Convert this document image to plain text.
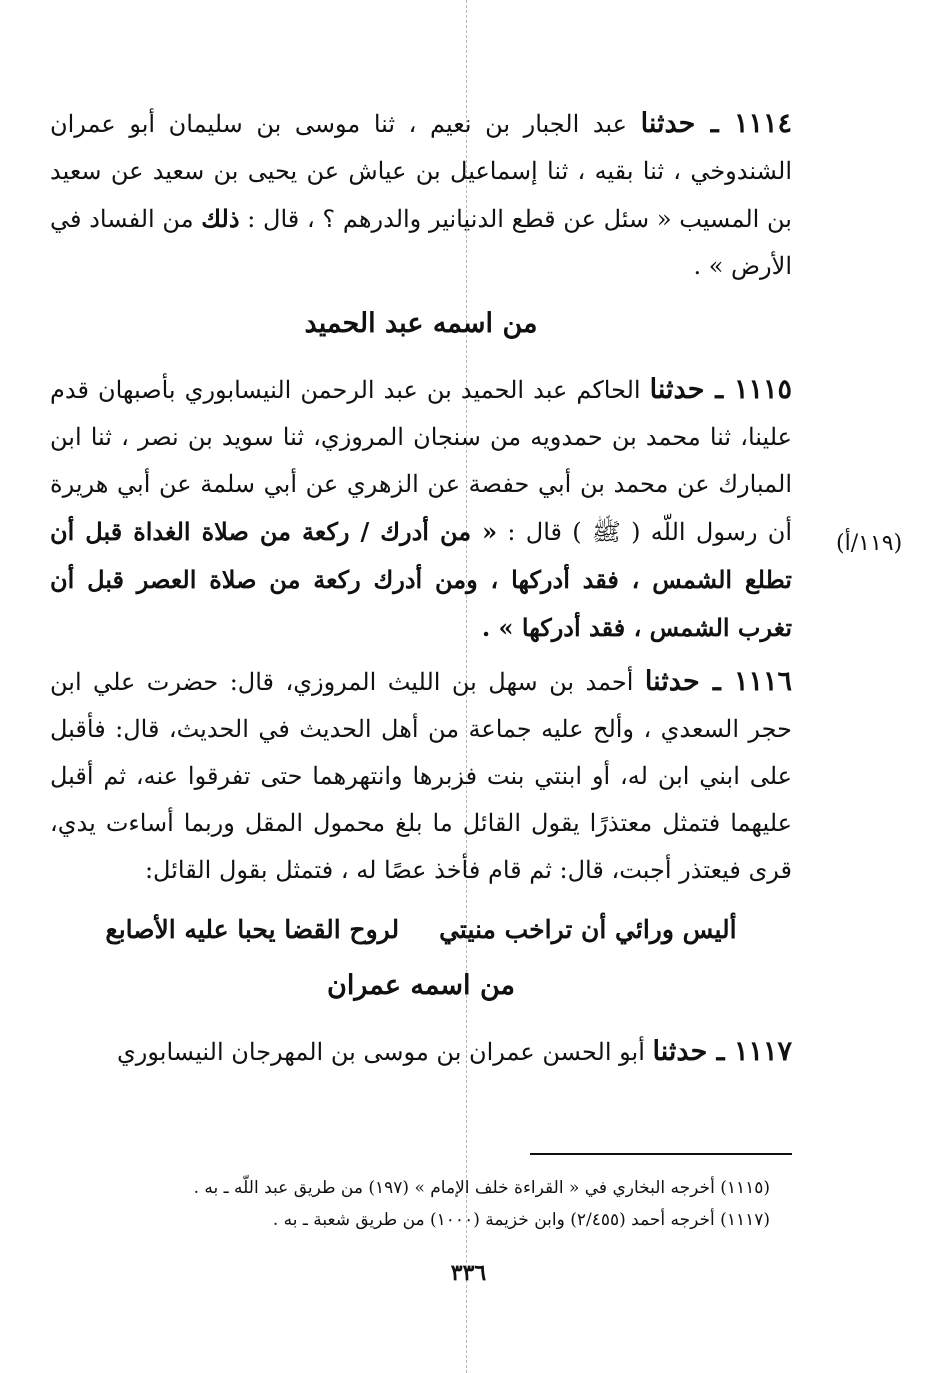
(١١٩/أ)

١١١٤ ـ حدثنا عبد الجبار بن نعيم ، ثنا موسى بن سليمان أبو عمران الشندوخي ، ثنا بقيه ، ثنا إسماعيل بن عياش عن يحيى بن سعيد عن سعيد بن المسيب « سئل عن قطع الدنيانير والدرهم ؟ ، قال : ذلك من الفساد في الأرض » .

من اسمه عبد الحميد

١١١٥ ـ حدثنا الحاكم عبد الحميد بن عبد الرحمن النيسابوري بأصبهان قدم علينا، ثنا محمد بن حمدويه من سنجان المروزي، ثنا سويد بن نصر ، ثنا ابن المبارك عن محمد بن أبي حفصة عن الزهري عن أبي سلمة عن أبي هريرة أن رسول اللّه ( ﷺ ) قال : « من أدرك / ركعة من صلاة الغداة قبل أن تطلع الشمس ، فقد أدركها ، ومن أدرك ركعة من صلاة العصر قبل أن تغرب الشمس ، فقد أدركها » .

١١١٦ ـ حدثنا أحمد بن سهل بن الليث المروزي، قال: حضرت علي ابن حجر السعدي ، وألح عليه جماعة من أهل الحديث في الحديث، قال: فأقبل على ابني ابن له، أو ابنتي بنت فزبرها وانتهرهما حتى تفرقوا عنه، ثم أقبل عليهما فتمثل معتذرًا يقول القائل ما بلغ محمول المقل وربما أساءت يدي، قرى فيعتذر أجبت، قال: ثم قام فأخذ عصًا له ، فتمثل بقول القائل:

أليس ورائي أن تراخب منيتي
لروح القضا يحبا عليه الأصابع
من اسمه عمران

١١١٧ ـ حدثنا أبو الحسن عمران بن موسى بن المهرجان النيسابوري

(١١١٥) أخرجه البخاري في « القراءة خلف الإمام » (١٩٧) من طريق عبد اللّه ـ به .
(١١١٧) أخرجه أحمد (٢/٤٥٥) وابن خزيمة (١٠٠٠) من طريق شعبة ـ به .
٣٣٦
